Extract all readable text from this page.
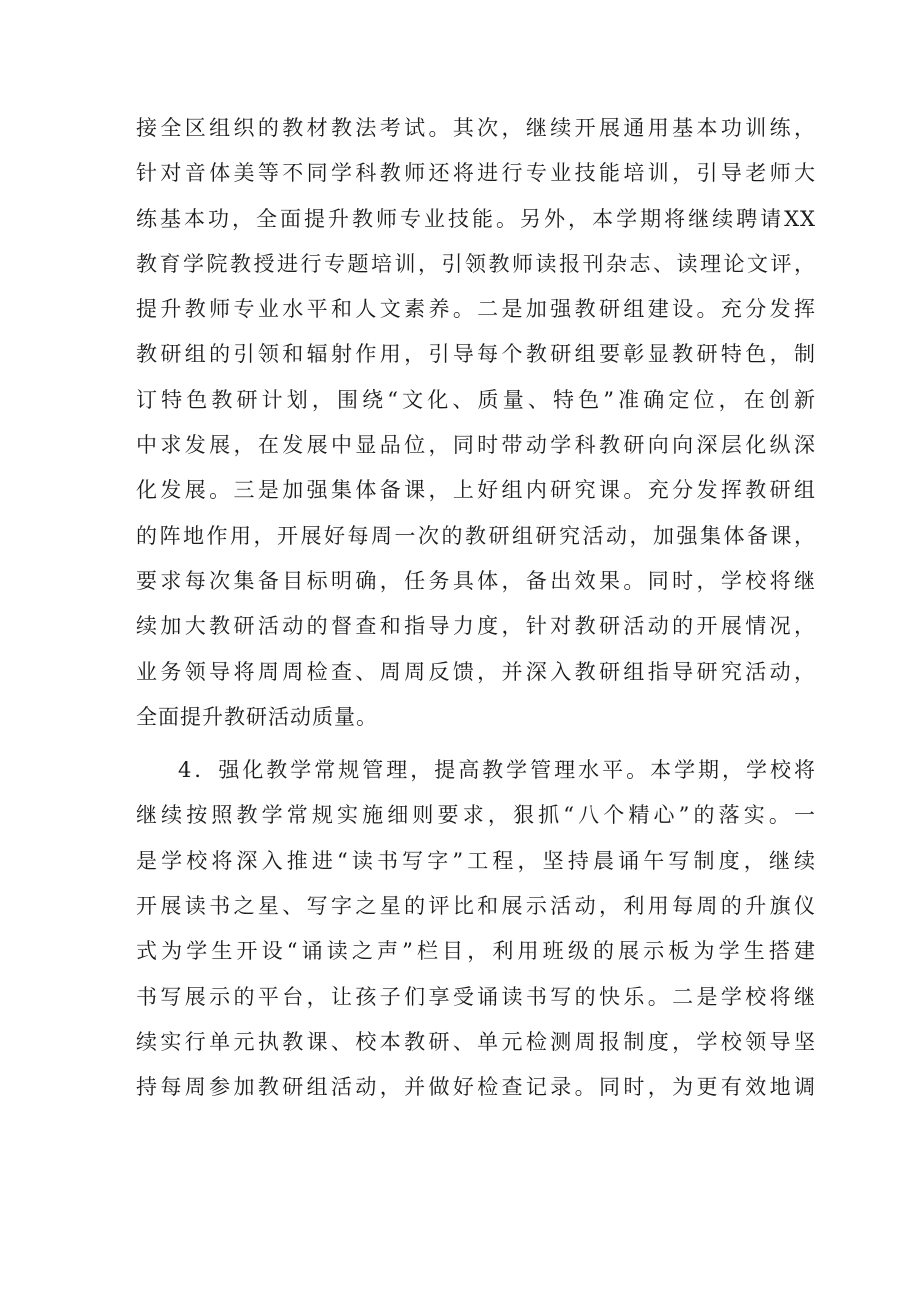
接全区组织的教材教法考试。其次，继续开展通用基本功训练，

针对音体美等不同学科教师还将进行专业技能培训，引导老师大

练基本功，全面提升教师专业技能。另外，本学期将继续聘请XX

教育学院教授进行专题培训，引领教师读报刊杂志、读理论文评，

提升教师专业水平和人文素养。二是加强教研组建设。充分发挥

教研组的引领和辐射作用，引导每个教研组要彰显教研特色，制

订特色教研计划，围绕“文化、质量、特色”准确定位，在创新

中求发展，在发展中显品位，同时带动学科教研向向深层化纵深

化发展。三是加强集体备课，上好组内研究课。充分发挥教研组

的阵地作用，开展好每周一次的教研组研究活动，加强集体备课，

要求每次集备目标明确，任务具体，备出效果。同时，学校将继

续加大教研活动的督查和指导力度，针对教研活动的开展情况，

业务领导将周周检查、周周反馈，并深入教研组指导研究活动，

全面提升教研活动质量。

4．强化教学常规管理，提高教学管理水平。本学期，学校将

继续按照教学常规实施细则要求，狠抓“八个精心”的落实。一

是学校将深入推进“读书写字”工程，坚持晨诵午写制度，继续

开展读书之星、写字之星的评比和展示活动，利用每周的升旗仪

式为学生开设“诵读之声”栏目，利用班级的展示板为学生搭建

书写展示的平台，让孩子们享受诵读书写的快乐。二是学校将继

续实行单元执教课、校本教研、单元检测周报制度，学校领导坚

持每周参加教研组活动，并做好检查记录。同时，为更有效地调
